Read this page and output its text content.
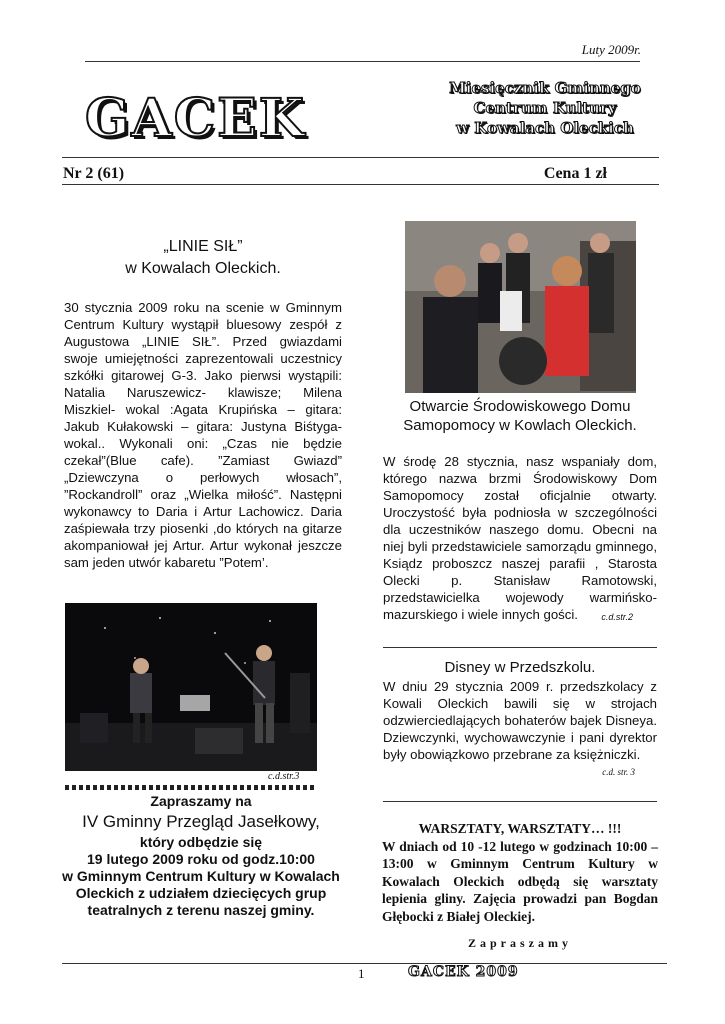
Luty 2009r.
GACEK	Miesięcznik Gminnego
Centrum Kultury
w Kowalach Oleckich
Nr 2 (61)	Cena 1 zł
„LINIE SIŁ”
w Kowalach Oleckich.
30 stycznia 2009 roku na scenie w Gminnym Centrum Kultury wystąpił bluesowy zespół z Augustowa „LINIE SIŁ”. Przed gwiazdami swoje umiejętności zaprezentowali uczestnicy szkółki gitarowej G-3. Jako pierwsi wystąpili: Natalia Naruszewicz- klawisze; Milena Miszkiel- wokal :Agata Krupińska – gitara: Jakub Kułakowski – gitara: Justyna Biśtyga- wokal.. Wykonali oni: „Czas nie będzie czekał”(Blue cafe). ”Zamiast Gwiazd” „Dziewczyna o perłowych włosach”, ”Rockandroll” oraz „Wielka miłość”. Następni wykonawcy to Daria i Artur Lachowicz. Daria zaśpiewała trzy piosenki ,do których na gitarze akompaniował jej Artur. Artur wykonał jeszcze sam jeden utwór kabaretu ”Potem’.
c.d.str.3
Zapraszamy na
IV Gminny Przegląd Jasełkowy,
który odbędzie się
19 lutego 2009 roku od godz.10:00
w Gminnym Centrum Kultury w Kowalach Oleckich z udziałem dziecięcych grup teatralnych z terenu naszej gminy.
Otwarcie Środowiskowego Domu Samopomocy w Kowlach Oleckich.
W środę 28 stycznia, nasz wspaniały dom, którego nazwa brzmi Środowiskowy Dom Samopomocy został oficjalnie otwarty. Uroczystość była podniosła w szczególności dla uczestników naszego domu. Obecni na niej byli przedstawiciele samorządu gminnego, Ksiądz proboszcz naszej parafii , Starosta Olecki p. Stanisław Ramotowski, przedstawicielka wojewody warmińsko- mazurskiego i wiele innych gości.	c.d.str.2
Disney w Przedszkolu.
W dniu 29 stycznia 2009 r. przedszkolacy z Kowali Oleckich bawili się w strojach odzwierciedlających bohaterów bajek Disneya. Dziewczynki, wychowawczynie i pani dyrektor były obowiązkowo przebrane za księżniczki.
c.d. str. 3
WARSZTATY, WARSZTATY… !!!
W dniach od 10 -12 lutego w godzinach 10:00 – 13:00 w Gminnym Centrum Kultury w Kowalach Oleckich odbędą się warsztaty lepienia gliny. Zajęcia prowadzi pan Bogdan Głębocki z Białej Oleckiej.
Zapraszamy
1	GACEK 2009
